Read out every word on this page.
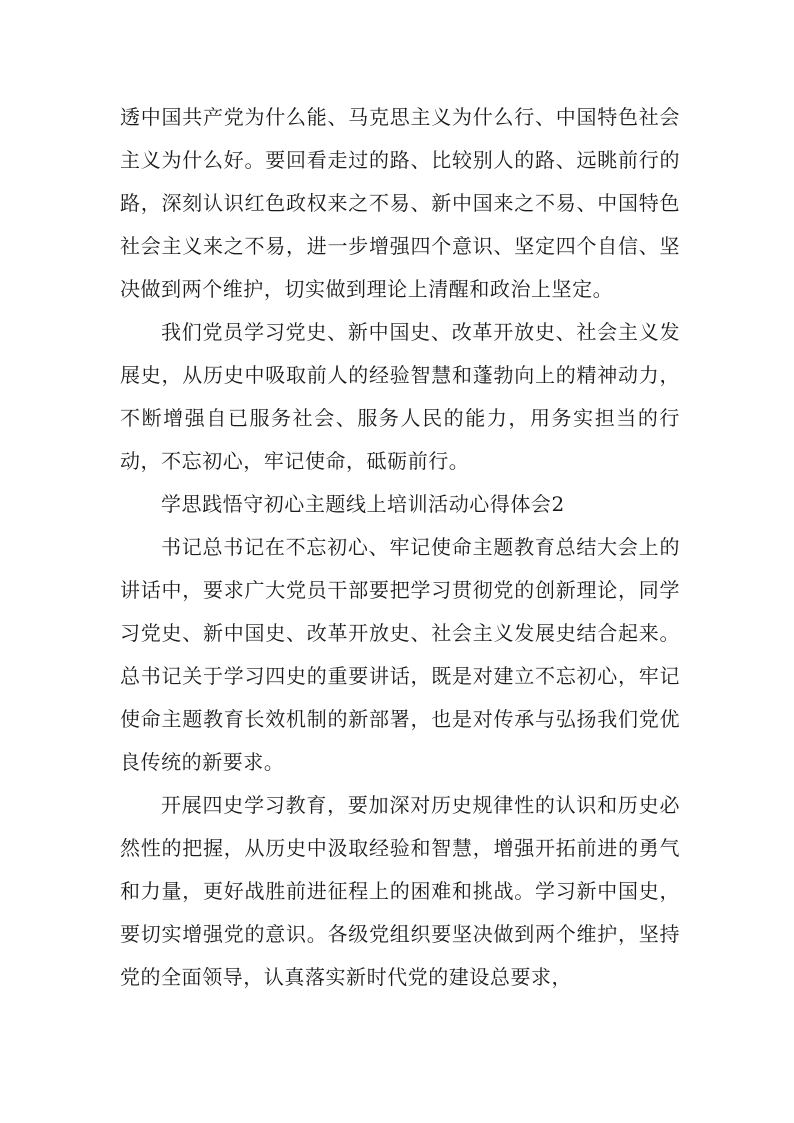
透中国共产党为什么能、马克思主义为什么行、中国特色社会主义为什么好。要回看走过的路、比较别人的路、远眺前行的路，深刻认识红色政权来之不易、新中国来之不易、中国特色社会主义来之不易，进一步增强四个意识、坚定四个自信、坚决做到两个维护，切实做到理论上清醒和政治上坚定。

我们党员学习党史、新中国史、改革开放史、社会主义发展史，从历史中吸取前人的经验智慧和蓬勃向上的精神动力，不断增强自已服务社会、服务人民的能力，用务实担当的行动，不忘初心，牢记使命，砥砺前行。

学思践悟守初心主题线上培训活动心得体会2

书记总书记在不忘初心、牢记使命主题教育总结大会上的讲话中，要求广大党员干部要把学习贯彻党的创新理论，同学习党史、新中国史、改革开放史、社会主义发展史结合起来。总书记关于学习四史的重要讲话，既是对建立不忘初心，牢记使命主题教育长效机制的新部署，也是对传承与弘扬我们党优良传统的新要求。

开展四史学习教育，要加深对历史规律性的认识和历史必然性的把握，从历史中汲取经验和智慧，增强开拓前进的勇气和力量，更好战胜前进征程上的困难和挑战。学习新中国史，要切实增强党的意识。各级党组织要坚决做到两个维护，坚持党的全面领导，认真落实新时代党的建设总要求，
